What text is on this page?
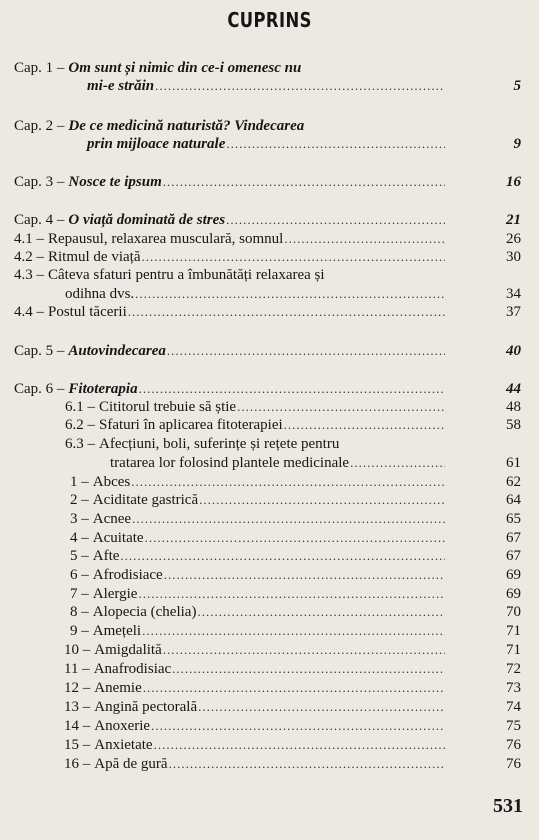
CUPRINS
Cap. 1 – Om sunt și nimic din ce-i omenesc nu
mi-e străin .....	5
Cap. 2 – De ce medicină naturistă? Vindecarea
prin mijloace naturale .....	9
Cap. 3 – Nosce te ipsum .....	16
Cap. 4 – O viață dominată de stres .....	21
4.1 – Repausul, relaxarea musculară, somnul .....	26
4.2 – Ritmul de viață .....	30
4.3 – Câteva sfaturi pentru a îmbunătăți relaxarea și
odihna dvs. .....	34
4.4 – Postul tăcerii .....	37
Cap. 5 – Autovindecarea .....	40
Cap. 6 – Fitoterapia .....	44
6.1 – Cititorul trebuie să știe .....	48
6.2 – Sfaturi în aplicarea fitoterapiei .....	58
6.3 – Afecțiuni, boli, suferințe și rețete pentru
tratarea lor folosind plantele medicinale .....	61
1 – Abces .....	62
2 – Aciditate gastrică .....	64
3 – Acnee .....	65
4 – Acuitate .....	67
5 – Afte .....	67
6 – Afrodisiace .....	69
7 – Alergie .....	69
8 – Alopecia (chelia) .....	70
9 – Amețeli .....	71
10 – Amigdalită .....	71
11 – Anafrodisiac .....	72
12 – Anemie .....	73
13 – Angină pectorală .....	74
14 – Anoxerie .....	75
15 – Anxietate .....	76
16 – Apă de gură .....	76
531
